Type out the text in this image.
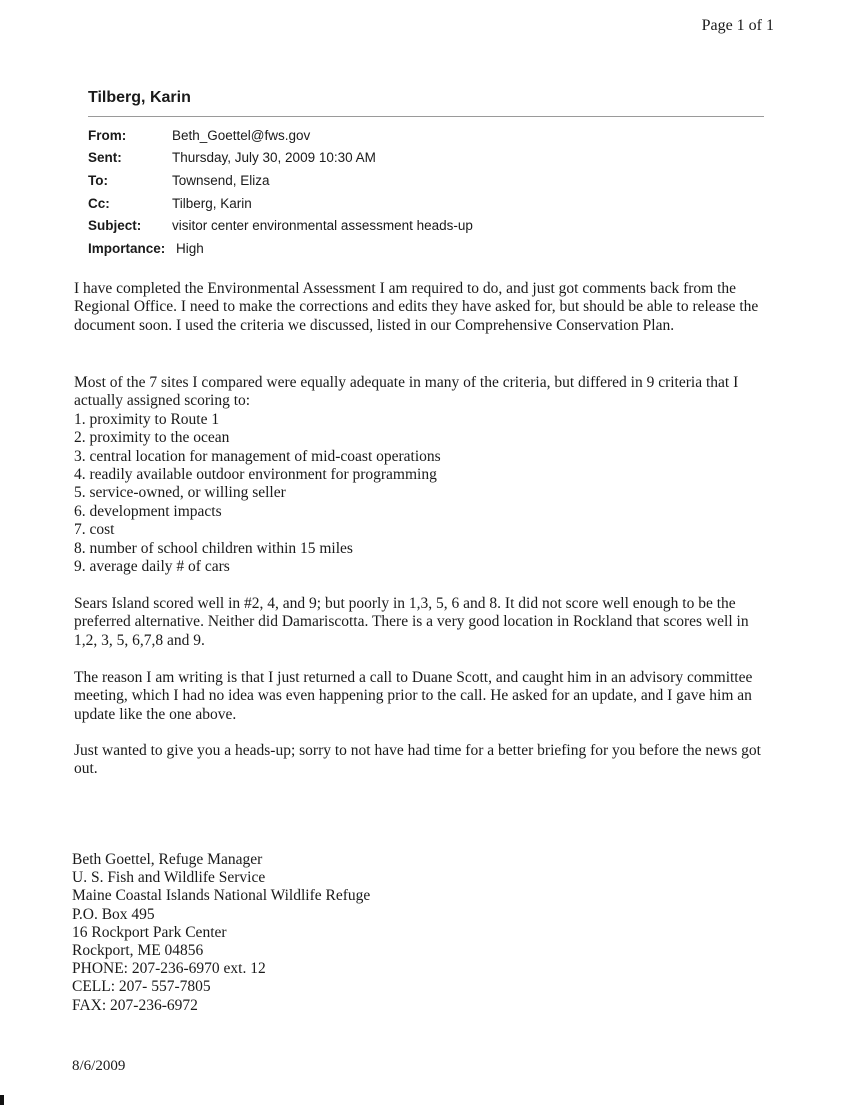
Page 1 of 1
Tilberg, Karin
From:	Beth_Goettel@fws.gov
Sent:	Thursday, July 30, 2009 10:30 AM
To:	Townsend, Eliza
Cc:	Tilberg, Karin
Subject:	visitor center environmental assessment heads-up
Importance:	High

I have completed the Environmental Assessment I am required to do, and just got comments back from the Regional Office. I need to make the corrections and edits they have asked for, but should be able to release the document soon. I used the criteria we discussed, listed in our Comprehensive Conservation Plan.

Most of the 7 sites I compared were equally adequate in many of the criteria, but differed in 9 criteria that I actually assigned scoring to:

1. proximity to Route 1
2. proximity to the ocean
3. central location for management of mid-coast operations
4. readily available outdoor environment for programming
5. service-owned, or willing seller
6. development impacts
7. cost
8. number of school children within 15 miles
9. average daily # of cars

Sears Island scored well in #2, 4, and 9; but poorly in 1,3, 5, 6 and 8. It did not score well enough to be the preferred alternative. Neither did Damariscotta. There is a very good location in Rockland that scores well in 1,2, 3, 5, 6,7,8 and 9.

The reason I am writing is that I just returned a call to Duane Scott, and caught him in an advisory committee meeting, which I had no idea was even happening prior to the call. He asked for an update, and I gave him an update like the one above.

Just wanted to give you a heads-up; sorry to not have had time for a better briefing for you before the news got out.

Beth Goettel, Refuge Manager
U. S. Fish and Wildlife Service
Maine Coastal Islands National Wildlife Refuge
P.O. Box 495
16 Rockport Park Center
Rockport, ME 04856
PHONE: 207-236-6970 ext. 12
CELL: 207- 557-7805
FAX: 207-236-6972
8/6/2009
